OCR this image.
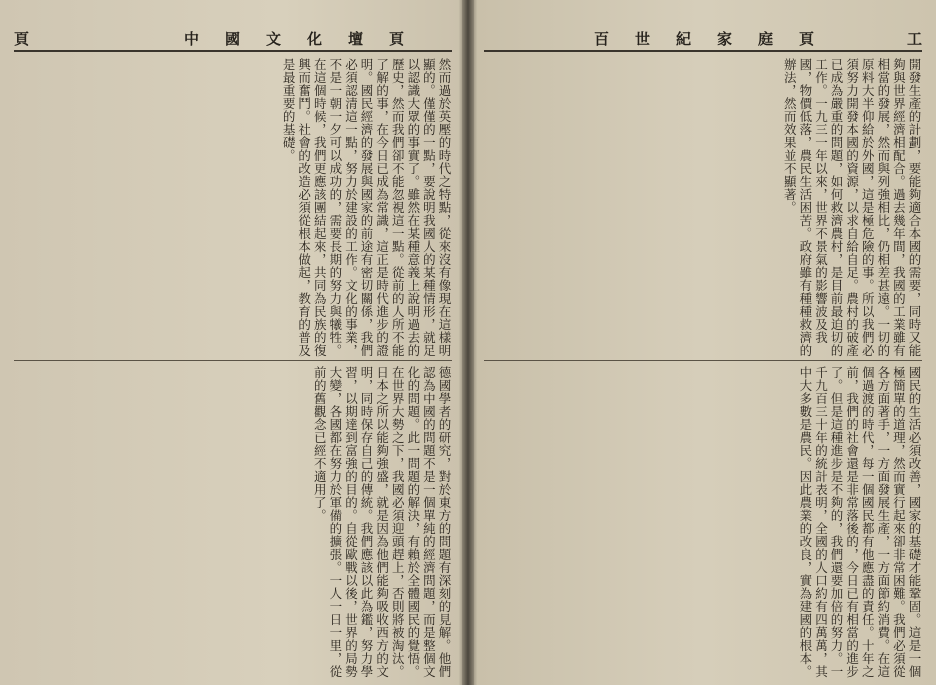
頁	中國文化壇頁
然而過於英壓的時代之特點，從來沒有像現在這樣明顯的。僅僅的一點，要說明我國人的某種情形，就足以認識大眾的事實了。雖然在某種意義上說明過去的歷史，然而我們卻不能忽視這一點。從前的人所不能了解的事，在今日已成為常識，這正是時代進步的證明。國民經濟的發展與國家的前途有密切關係，我們必須認清這一點，努力於建設的工作。文化的事業，不是一朝一夕可以成功的，需要長期的努力與犧牲。在這個時候，我們更應該團結起來，共同為民族的復興而奮鬥。社會的改造必須從根本做起，教育的普及是最重要的基礎。
德國學者的研究，對於東方的問題有深刻的見解。他們認為中國的問題不是一個單純的經濟問題，而是整個文化的問題。此一問題的解決，有賴於全體國民的覺悟。在世界大勢之下，我國必須迎頭趕上，否則將被淘汰。日本之所以能夠強盛，就是因為他們能夠吸收西方的文明，同時保存自己的傳統。我們應該以此為鑑，努力學習，以期達到富強的目的。自從歐戰以後，世界的局勢大變，各國都在努力於軍備的擴張。一人一日一里，從前的舊觀念已經不適用了。
百世紀家庭頁	工
開發生產的計劃，要能夠適合本國的需要，同時又能夠與世界經濟相配合。過去幾年間，我國的工業雖有相當的發展，然而與列強相比，仍相差甚遠。一切的原料大半仰給於外國，這是極危險的事。所以我們必須努力開發本國的資源，以求自給自足。農村的破產已成為嚴重的問題，如何救濟農村，是目前最迫切的工作。一九三一年以來，世界不景氣的影響波及我國，物價低落，農民生活困苦。政府雖有種種救濟的辦法，然而效果並不顯著。
國民的生活必須改善，國家的基礎才能鞏固。這是一個極簡單的道理，然而實行起來卻非常困難。我們必須從各方面著手，一方面發展生產，一方面節約消費。在這個過渡的時代，每一個國民都有他應盡的責任。十年之前，我們的社會還是非常落後的，今日已有相當的進步了。但是這種進步是不夠的，我們還要加倍的努力。一千九百三十年的統計表明，全國的人口約有四萬萬，其中大多數是農民。因此農業的改良，實為建國的根本。
